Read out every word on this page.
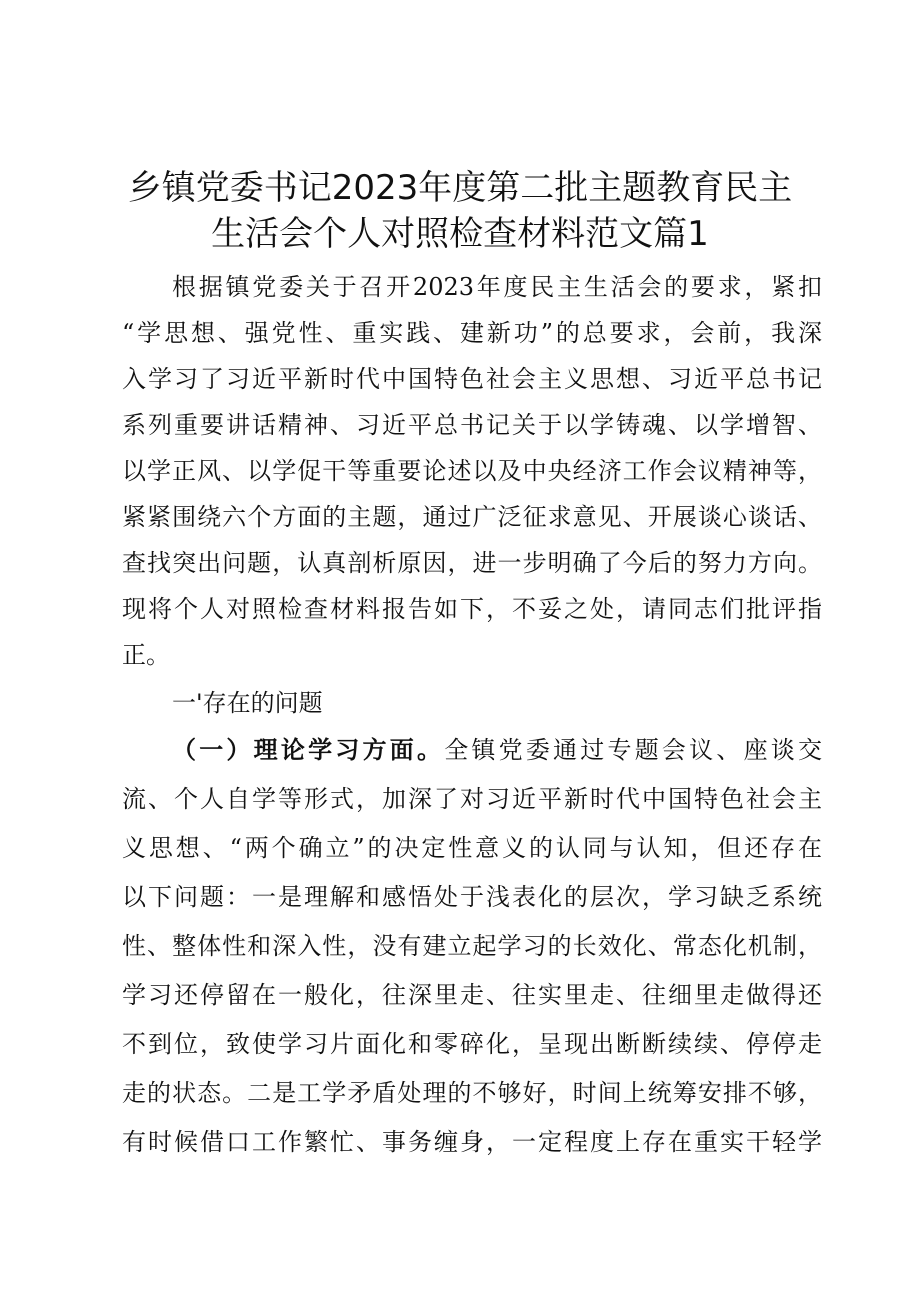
乡镇党委书记2023年度第二批主题教育民主
生活会个人对照检查材料范文篇1
根据镇党委关于召开2023年度民主生活会的要求，紧扣
“学思想、强党性、重实践、建新功”的总要求，会前，我深
入学习了习近平新时代中国特色社会主义思想、习近平总书记
系列重要讲话精神、习近平总书记关于以学铸魂、以学增智、
以学正风、以学促干等重要论述以及中央经济工作会议精神等，
紧紧围绕六个方面的主题，通过广泛征求意见、开展谈心谈话、
查找突出问题，认真剖析原因，进一步明确了今后的努力方向。
现将个人对照检查材料报告如下，不妥之处，请同志们批评指
正。
一'存在的问题
（一）理论学习方面。全镇党委通过专题会议、座谈交
流、个人自学等形式，加深了对习近平新时代中国特色社会主
义思想、“两个确立”的决定性意义的认同与认知，但还存在
以下问题：一是理解和感悟处于浅表化的层次，学习缺乏系统
性、整体性和深入性，没有建立起学习的长效化、常态化机制，
学习还停留在一般化，往深里走、往实里走、往细里走做得还
不到位，致使学习片面化和零碎化，呈现出断断续续、停停走
走的状态。二是工学矛盾处理的不够好，时间上统筹安排不够，
有时候借口工作繁忙、事务缠身，一定程度上存在重实干轻学
